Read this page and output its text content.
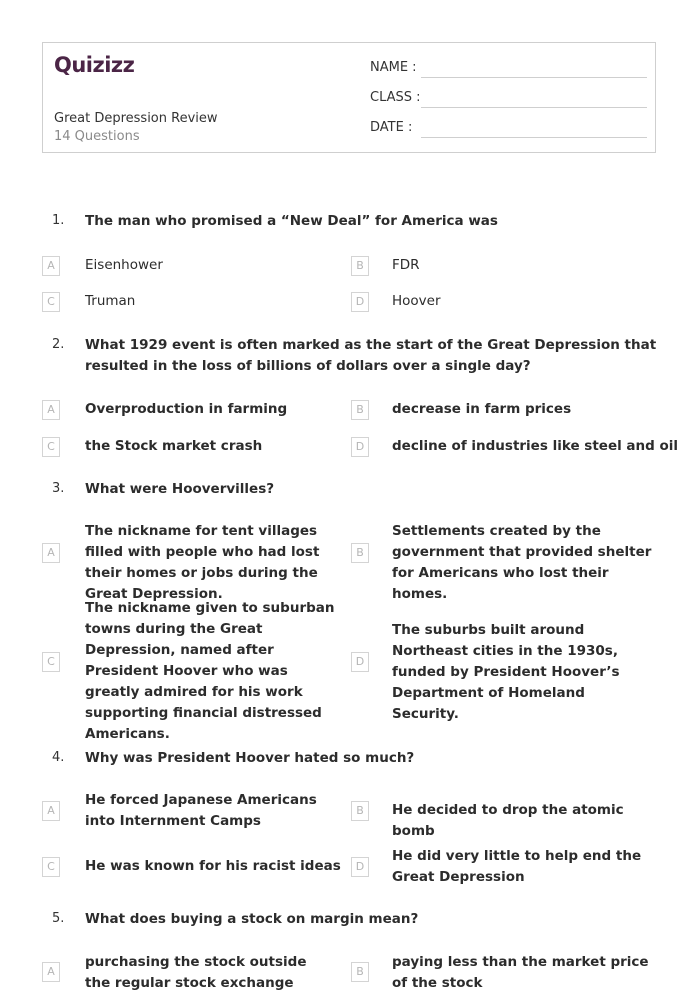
Quizizz
Great Depression Review
14 Questions
NAME :
CLASS :
DATE :
1. The man who promised a “New Deal” for America was
A	Eisenhower	B	FDR
C	Truman	D	Hoover
2. What 1929 event is often marked as the start of the Great Depression that resulted in the loss of billions of dollars over a single day?
A	Overproduction in farming	B	decrease in farm prices
C	the Stock market crash	D	decline of industries like steel and oil
3. What were Hoovervilles?
A
The nickname for tent villages filled with people who had lost their homes or jobs during the Great Depression.
B
Settlements created by the government that provided shelter for Americans who lost their homes.
C
The nickname given to suburban towns during the Great Depression, named after President Hoover who was greatly admired for his work supporting financial distressed Americans.
D
The suburbs built around Northeast cities in the 1930s, funded by President Hoover’s Department of Homeland Security.
4. Why was President Hoover hated so much?
A
He forced Japanese Americans into Internment Camps
B	He decided to drop the atomic bomb
C	He was known for his racist ideas	D
He did very little to help end the Great Depression
5. What does buying a stock on margin mean?
A
purchasing the stock outside the regular stock exchange
B
paying less than the market price of the stock
